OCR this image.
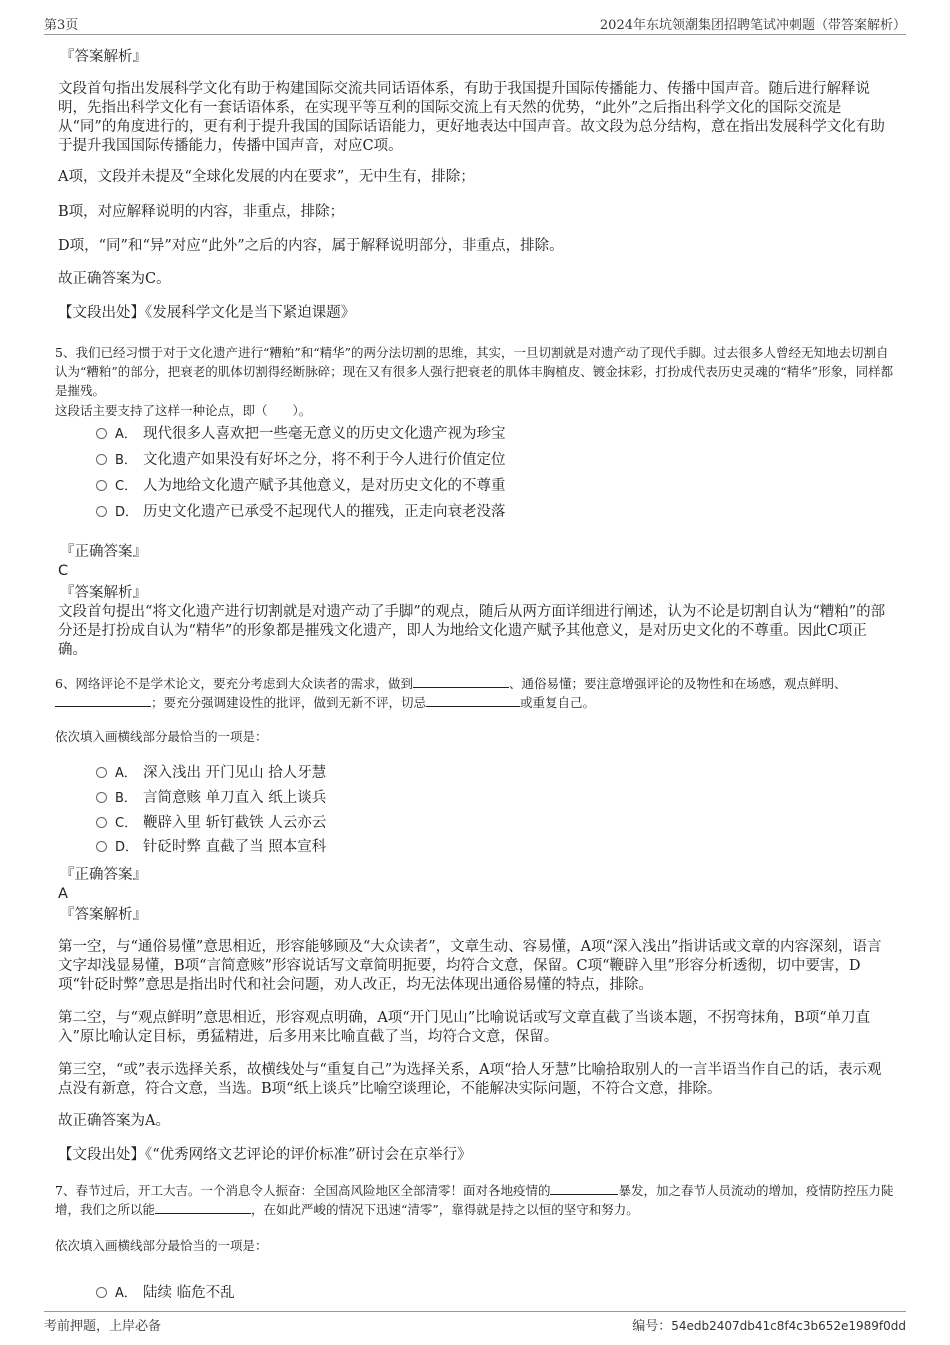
第3页	2024年东坑领潮集团招聘笔试冲刺题（带答案解析）
『答案解析』
文段首句指出发展科学文化有助于构建国际交流共同话语体系，有助于我国提升国际传播能力、传播中国声音。随后进行解释说明，先指出科学文化有一套话语体系，在实现平等互利的国际交流上有天然的优势，“此外”之后指出科学文化的国际交流是从“同”的角度进行的，更有利于提升我国的国际话语能力，更好地表达中国声音。故文段为总分结构，意在指出发展科学文化有助于提升我国国际传播能力，传播中国声音，对应C项。
A项，文段并未提及“全球化发展的内在要求”，无中生有，排除；
B项，对应解释说明的内容，非重点，排除；
D项，“同”和“异”对应“此外”之后的内容，属于解释说明部分，非重点，排除。
故正确答案为C。
【文段出处】《发展科学文化是当下紧迫课题》
5、我们已经习惯于对于文化遗产进行“糟粕”和“精华”的两分法切割的思维，其实，一旦切割就是对遗产动了现代手脚。过去很多人曾经无知地去切割自认为“糟粕”的部分，把衰老的肌体切割得经断脉碎；现在又有很多人强行把衰老的肌体丰胸植皮、镀金抹彩，打扮成代表历史灵魂的“精华”形象，同样都是摧残。
这段话主要支持了这样一种论点，即（　　）。
A． 现代很多人喜欢把一些毫无意义的历史文化遗产视为珍宝
B． 文化遗产如果没有好坏之分，将不利于今人进行价值定位
C． 人为地给文化遗产赋予其他意义，是对历史文化的不尊重
D． 历史文化遗产已承受不起现代人的摧残，正走向衰老没落
『正确答案』
C
『答案解析』
文段首句提出“将文化遗产进行切割就是对遗产动了手脚”的观点，随后从两方面详细进行阐述，认为不论是切割自认为“糟粕”的部分还是打扮成自认为“精华”的形象都是摧残文化遗产，即人为地给文化遗产赋予其他意义，是对历史文化的不尊重。因此C项正确。
6、网络评论不是学术论文，要充分考虑到大众读者的需求，做到	、通俗易懂；要注意增强评论的及物性和在场感，观点鲜明、；要充分强调建设性的批评，做到无新不评，切忌	或重复自己。
依次填入画横线部分最恰当的一项是：
A． 深入浅出 开门见山 拾人牙慧
B． 言简意赅 单刀直入 纸上谈兵
C． 鞭辟入里 斩钉截铁 人云亦云
D． 针砭时弊 直截了当 照本宣科
『正确答案』
A
『答案解析』
第一空，与“通俗易懂”意思相近，形容能够顾及“大众读者”，文章生动、容易懂，A项“深入浅出”指讲话或文章的内容深刻，语言文字却浅显易懂，B项“言简意赅”形容说话写文章简明扼要，均符合文意，保留。C项“鞭辟入里”形容分析透彻，切中要害，D项“针砭时弊”意思是指出时代和社会问题，劝人改正，均无法体现出通俗易懂的特点，排除。
第二空，与“观点鲜明”意思相近，形容观点明确，A项“开门见山”比喻说话或写文章直截了当谈本题，不拐弯抹角，B项“单刀直入”原比喻认定目标，勇猛精进，后多用来比喻直截了当，均符合文意，保留。
第三空，“或”表示选择关系，故横线处与“重复自己”为选择关系，A项“拾人牙慧”比喻拾取别人的一言半语当作自己的话，表示观点没有新意，符合文意，当选。B项“纸上谈兵”比喻空谈理论，不能解决实际问题，不符合文意，排除。
故正确答案为A。
【文段出处】《“优秀网络文艺评论的评价标准”研讨会在京举行》
7、春节过后，开工大吉。一个消息令人振奋：全国高风险地区全部清零！面对各地疫情的	暴发，加之春节人员流动的增加，疫情防控压力陡增，我们之所以能	，在如此严峻的情况下迅速“清零”，靠得就是持之以恒的坚守和努力。
依次填入画横线部分最恰当的一项是：
A． 陆续 临危不乱
考前押题，上岸必备	编号：54edb2407db41c8f4c3b652e1989f0dd
